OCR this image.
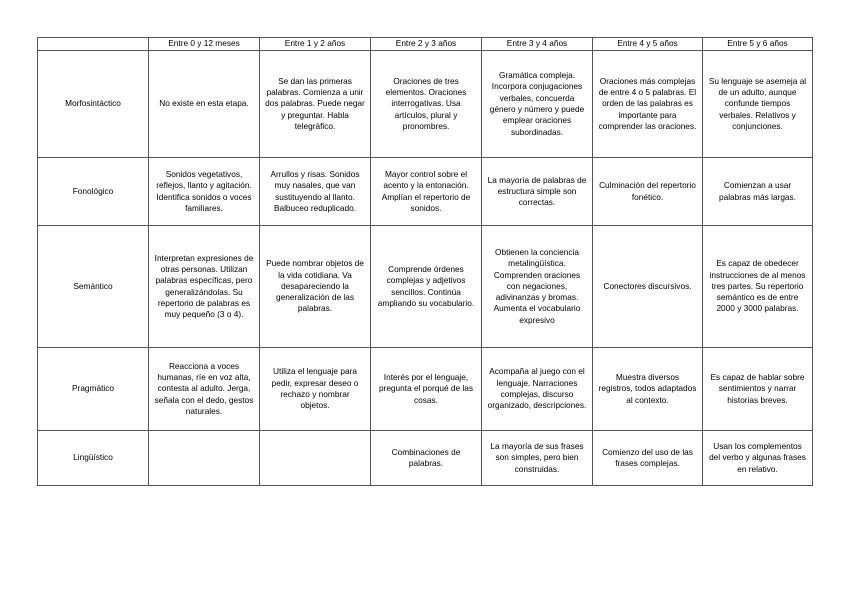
	Entre 0 y 12 meses	Entre 1 y 2 años	Entre 2 y 3 años	Entre 3 y 4 años	Entre 4 y 5 años	Entre 5 y 6 años
Morfosintáctico	No existe en esta etapa.	Se dan las primeras palabras. Comienza a unir dos palabras. Puede negar y preguntar. Habla telegráfico.	Oraciones de tres elementos. Oraciones interrogativas. Usa artículos, plural y pronombres.	Gramática compleja. Incorpora conjugaciones verbales, concuerda género y número y puede emplear oraciones subordinadas.	Oraciones más complejas de entre 4 o 5 palabras. El orden de las palabras es importante para comprender las oraciones.	Su lenguaje se asemeja al de un adulto, aunque confunde tiempos verbales. Relativos y conjunciones.
Fonológico	Sonidos vegetativos, reflejos, llanto y agitación. Identifica sonidos o voces familiares.	Arrullos y risas. Sonidos muy nasales, que van sustituyendo al llanto. Balbuceo reduplicado.	Mayor control sobre el acento y la entonación. Amplían el repertorio de sonidos.	La mayoría de palabras de estructura simple son correctas.	Culminación del repertorio fonético.	Comienzan a usar palabras más largas.
Semántico	Interpretan expresiones de otras personas. Utilizan palabras específicas, pero generalizándolas. Su repertorio de palabras es muy pequeño (3 o 4).	Puede nombrar objetos de la vida cotidiana. Va desapareciendo la generalización de las palabras.	Comprende órdenes complejas y adjetivos sencillos. Continúa ampliando su vocabulario.	Obtienen la conciencia metalingüística. Comprenden oraciones con negaciones, adivinanzas y bromas. Aumenta el vocabulario expresivo	Conectores discursivos.	Es capaz de obedecer instrucciones de al menos tres partes. Su repertorio semántico es de entre 2000 y 3000 palabras.
Pragmático	Reacciona a voces humanas, ríe en voz alta, contesta al adulto. Jerga, señala con el dedo, gestos naturales.	Utiliza el lenguaje para pedir, expresar deseo o rechazo y nombrar objetos.	Interés por el lenguaje, pregunta el porqué de las cosas.	Acompaña al juego con el lenguaje. Narraciones complejas, discurso organizado, descripciones.	Muestra diversos registros, todos adaptados al contexto.	Es capaz de hablar sobre sentimientos y narrar historias breves.
Lingüístico			Combinaciones de palabras.	La mayoría de sus frases son simples, pero bien construidas.	Comienzo del uso de las frases complejas.	Usan los complementos del verbo y algunas frases en relativo.
